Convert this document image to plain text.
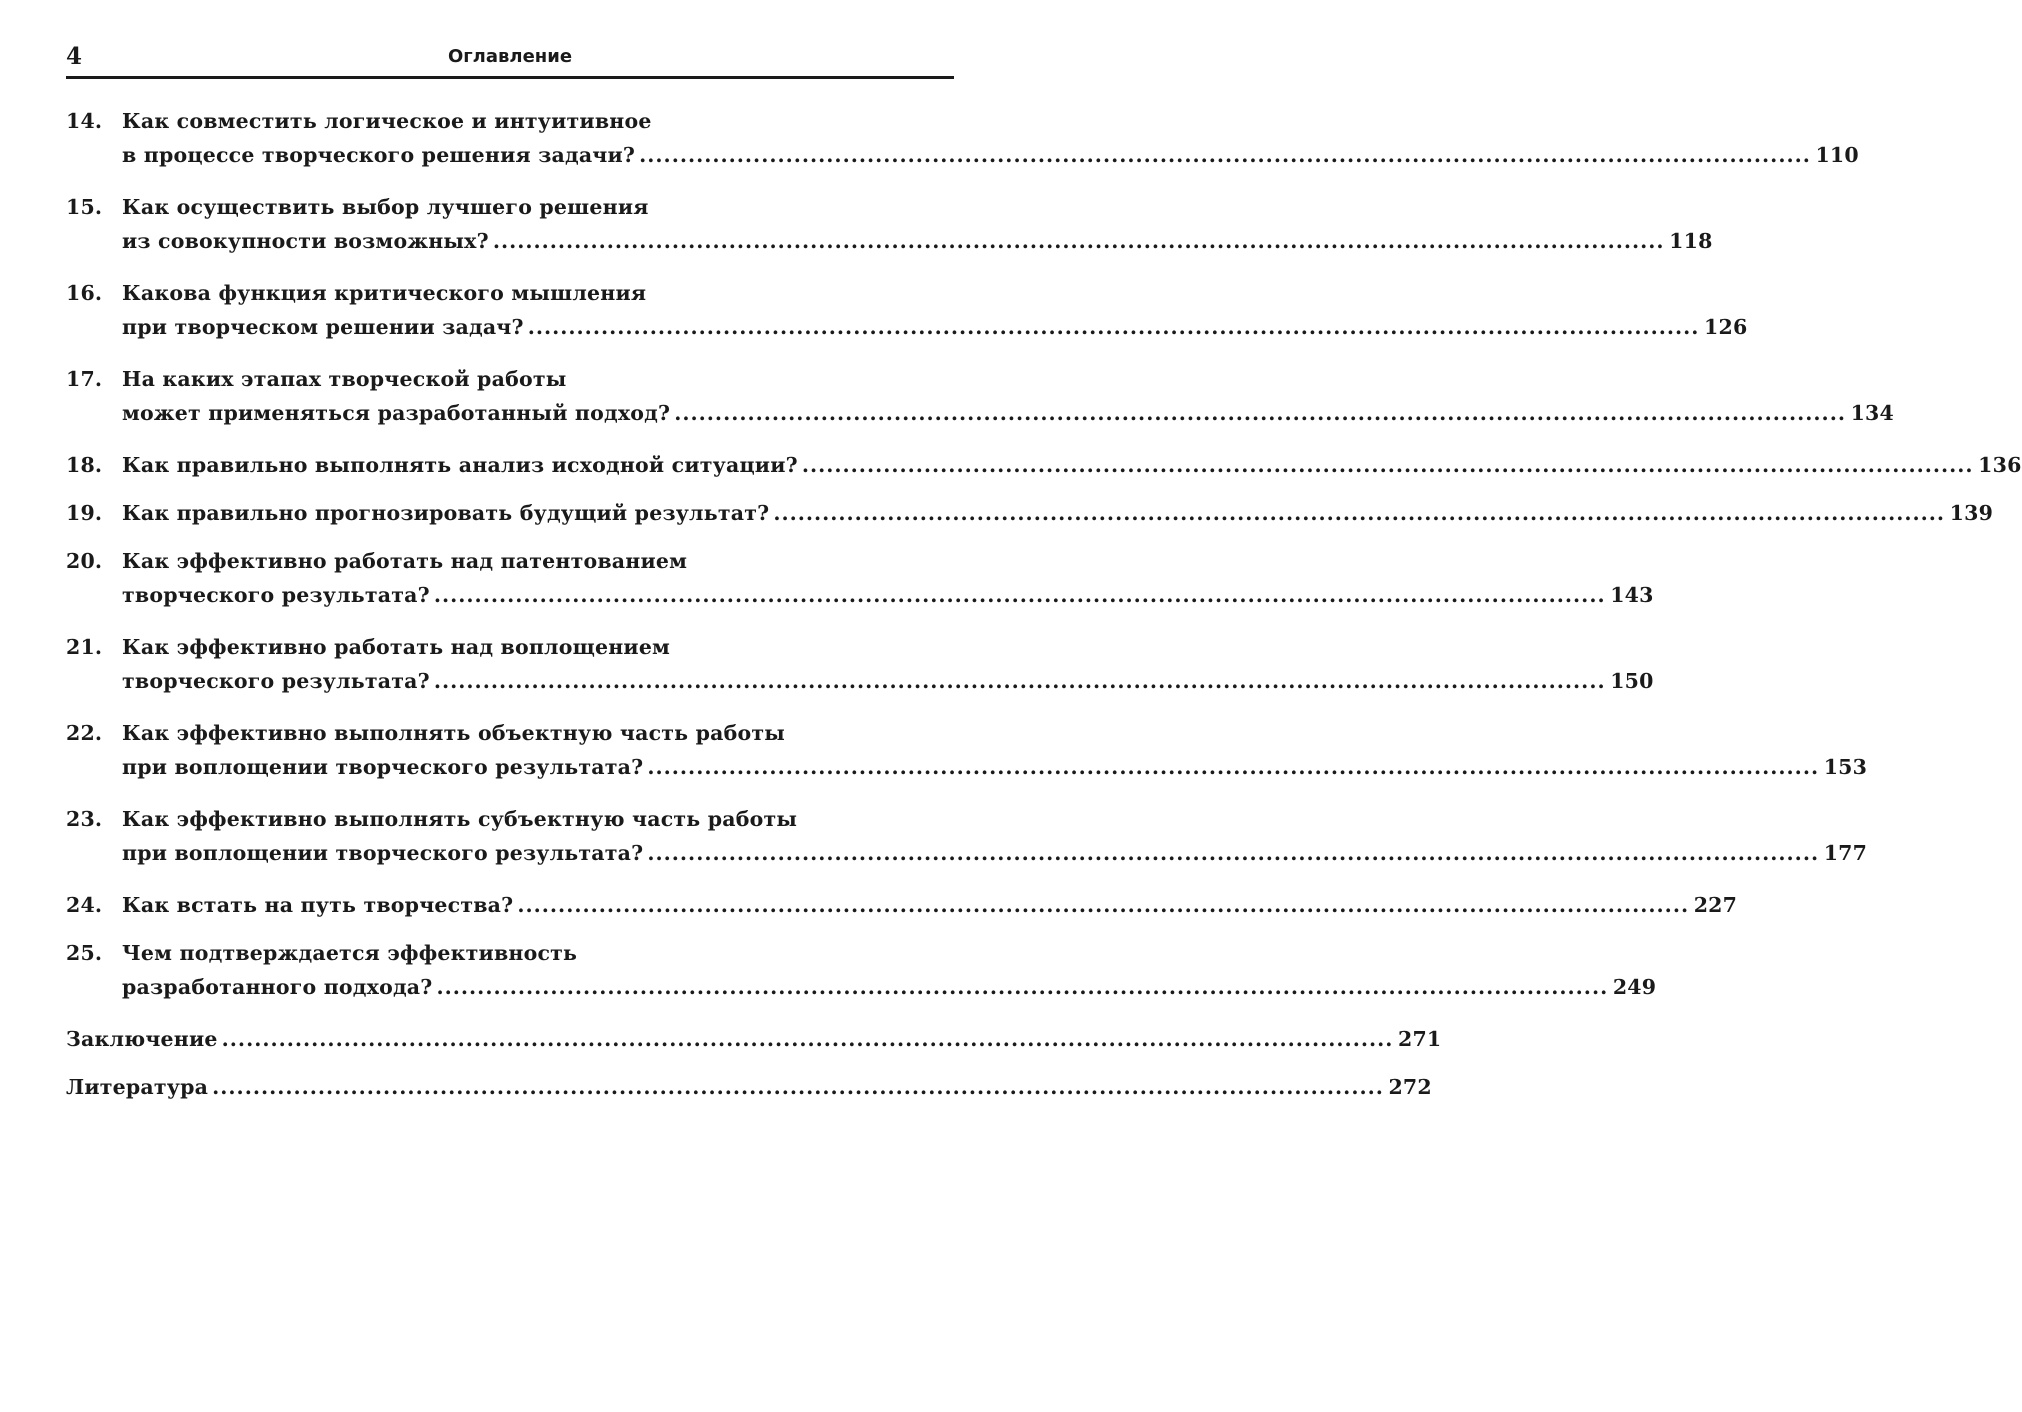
4	Оглавление
14. Как совместить логическое и интуитивное
в процессе творческого решения задачи? ................................................................................................................................................ 110
15. Как осуществить выбор лучшего решения
из совокупности возможных? ................................................................................................................................................ 118
16. Какова функция критического мышления
при творческом решении задач? ................................................................................................................................................ 126
17. На каких этапах творческой работы
может применяться разработанный подход? ................................................................................................................................................ 134
18. Как правильно выполнять анализ исходной ситуации? ................................................................................................................................................ 136
19. Как правильно прогнозировать будущий результат? ................................................................................................................................................ 139
20. Как эффективно работать над патентованием
творческого результата? ................................................................................................................................................ 143
21. Как эффективно работать над воплощением
творческого результата? ................................................................................................................................................ 150
22. Как эффективно выполнять объектную часть работы
при воплощении творческого результата? ................................................................................................................................................ 153
23. Как эффективно выполнять субъектную часть работы
при воплощении творческого результата? ................................................................................................................................................ 177
24. Как встать на путь творчества? ................................................................................................................................................ 227
25. Чем подтверждается эффективность
разработанного подхода? ................................................................................................................................................ 249
Заключение ................................................................................................................................................ 271
Литература ................................................................................................................................................ 272
